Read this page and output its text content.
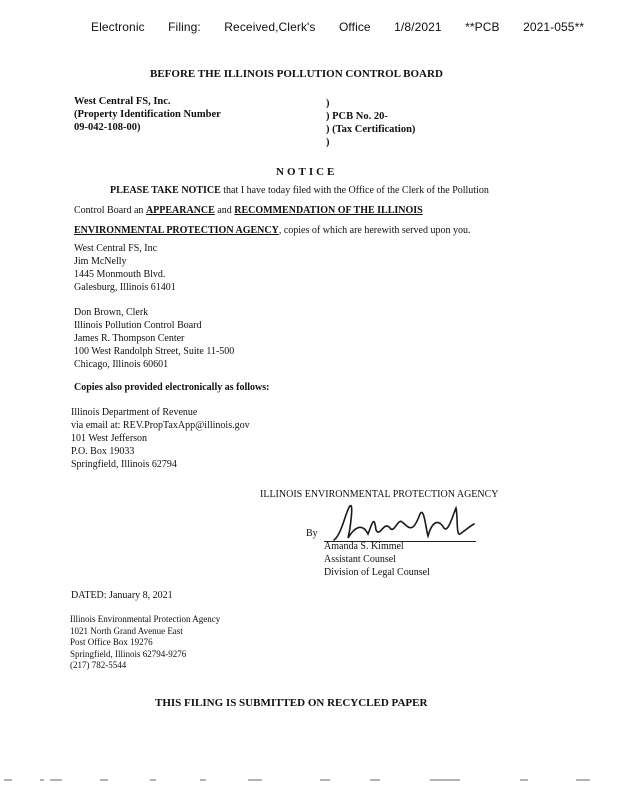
Electronic Filing: Received,Clerk's Office 1/8/2021 **PCB 2021-055**
BEFORE THE ILLINOIS POLLUTION CONTROL BOARD
West Central FS, Inc.
(Property Identification Number
09-042-108-00)
)
) PCB No. 20-
) (Tax Certification)
)
NOTICE
PLEASE TAKE NOTICE that I have today filed with the Office of the Clerk of the Pollution
Control Board an APPEARANCE and RECOMMENDATION OF THE ILLINOIS
ENVIRONMENTAL PROTECTION AGENCY, copies of which are herewith served upon you.
West Central FS, Inc
Jim McNelly
1445 Monmouth Blvd.
Galesburg, Illinois 61401
Don Brown, Clerk
Illinois Pollution Control Board
James R. Thompson Center
100 West Randolph Street, Suite 11-500
Chicago, Illinois 60601
Copies also provided electronically as follows:
Illinois Department of Revenue
via email at: REV.PropTaxApp@illinois.gov
101 West Jefferson
P.O. Box 19033
Springfield, Illinois 62794
ILLINOIS ENVIRONMENTAL PROTECTION AGENCY
By
Amanda S. Kimmel
Assistant Counsel
Division of Legal Counsel
DATED: January 8, 2021
Illinois Environmental Protection Agency
1021 North Grand Avenue East
Post Office Box 19276
Springfield, Illinois 62794-9276
(217) 782-5544
THIS FILING IS SUBMITTED ON RECYCLED PAPER
